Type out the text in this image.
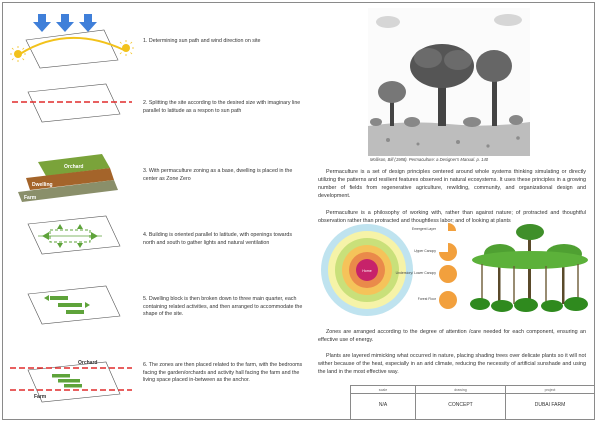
1. Determining sun path and wind direction on site
2. Splitting the site according to the desired size with imaginary line parallel to latitude as a respon to sun path
Orchard
Dwelling
Farm
3. With permaculture zoning as a base, dwelling is placed in the center as Zone Zero
4. Building is oriented parallel to latitude, with openings towards north and south to gather lights and natural ventilation
5. Dwelling block is then broken down to three main quarter, each containing related activities, and then arranged to accommodate the shape of the site.
Orchard
Farm
6. The zones are then placed related to the farm, with the bedrooms facing the garden/orchards and activity hall facing the farm and the living space placed in-between as the anchor.
Mollison, Bill (1988). Permaculture: a Designer's Manual. p. 140
Permaculture is a set of design principles centered around whole systems thinking simulating or directly utilizing the patterns and resilient features observed in natural ecosystems. It uses these principles in a growing number of fields from regenerative agriculture, rewilding, community, and organizational design and development.
Permaculture is a philosophy of working with, rather than against nature; of protracted and thoughtful observation rather than protracted and thoughtless labor; and of looking at plants
Home
Emergent Layer
Upper Canopy
Understory/ Lower Canopy
Forest Floor
Zones are arranged according to the degree of attention /care needed for each component, ensuring an effective use of energy.
Plants are layered mimicking what occurred in nature, placing shading trees over delicate plants so it will not wither because of the heat, especially in an arid climate, reducing the necessity of artificial sunshade and using the land in the most effective way.
scale
N/A
drawing
CONCEPT
project
DUBAI FARM
